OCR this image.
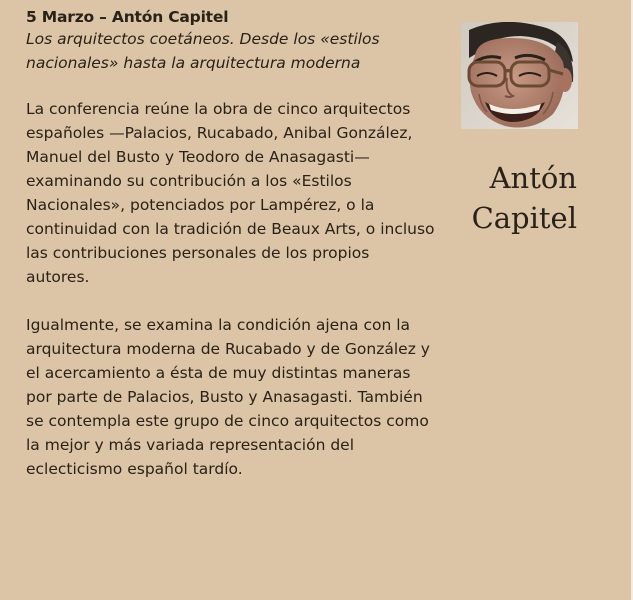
5 Marzo – Antón Capitel

Los arquitectos coetáneos. Desde los «estilos nacionales» hasta la arquitectura moderna

La conferencia reúne la obra de cinco arquitectos españoles —Palacios, Rucabado, Anibal González, Manuel del Busto y Teodoro de Anasagasti— examinando su contribución a los «Estilos Nacionales», potenciados por Lampérez, o la continuidad con la tradición de Beaux Arts, o incluso las contribuciones personales de los propios autores.

Igualmente, se examina la condición ajena con la arquitectura moderna de Rucabado y de González y el acercamiento a ésta de muy distintas maneras por parte de Palacios, Busto y Anasagasti. También se contempla este grupo de cinco arquitectos como la mejor y más variada representación del eclecticismo español tardío.

Antón
Capitel
